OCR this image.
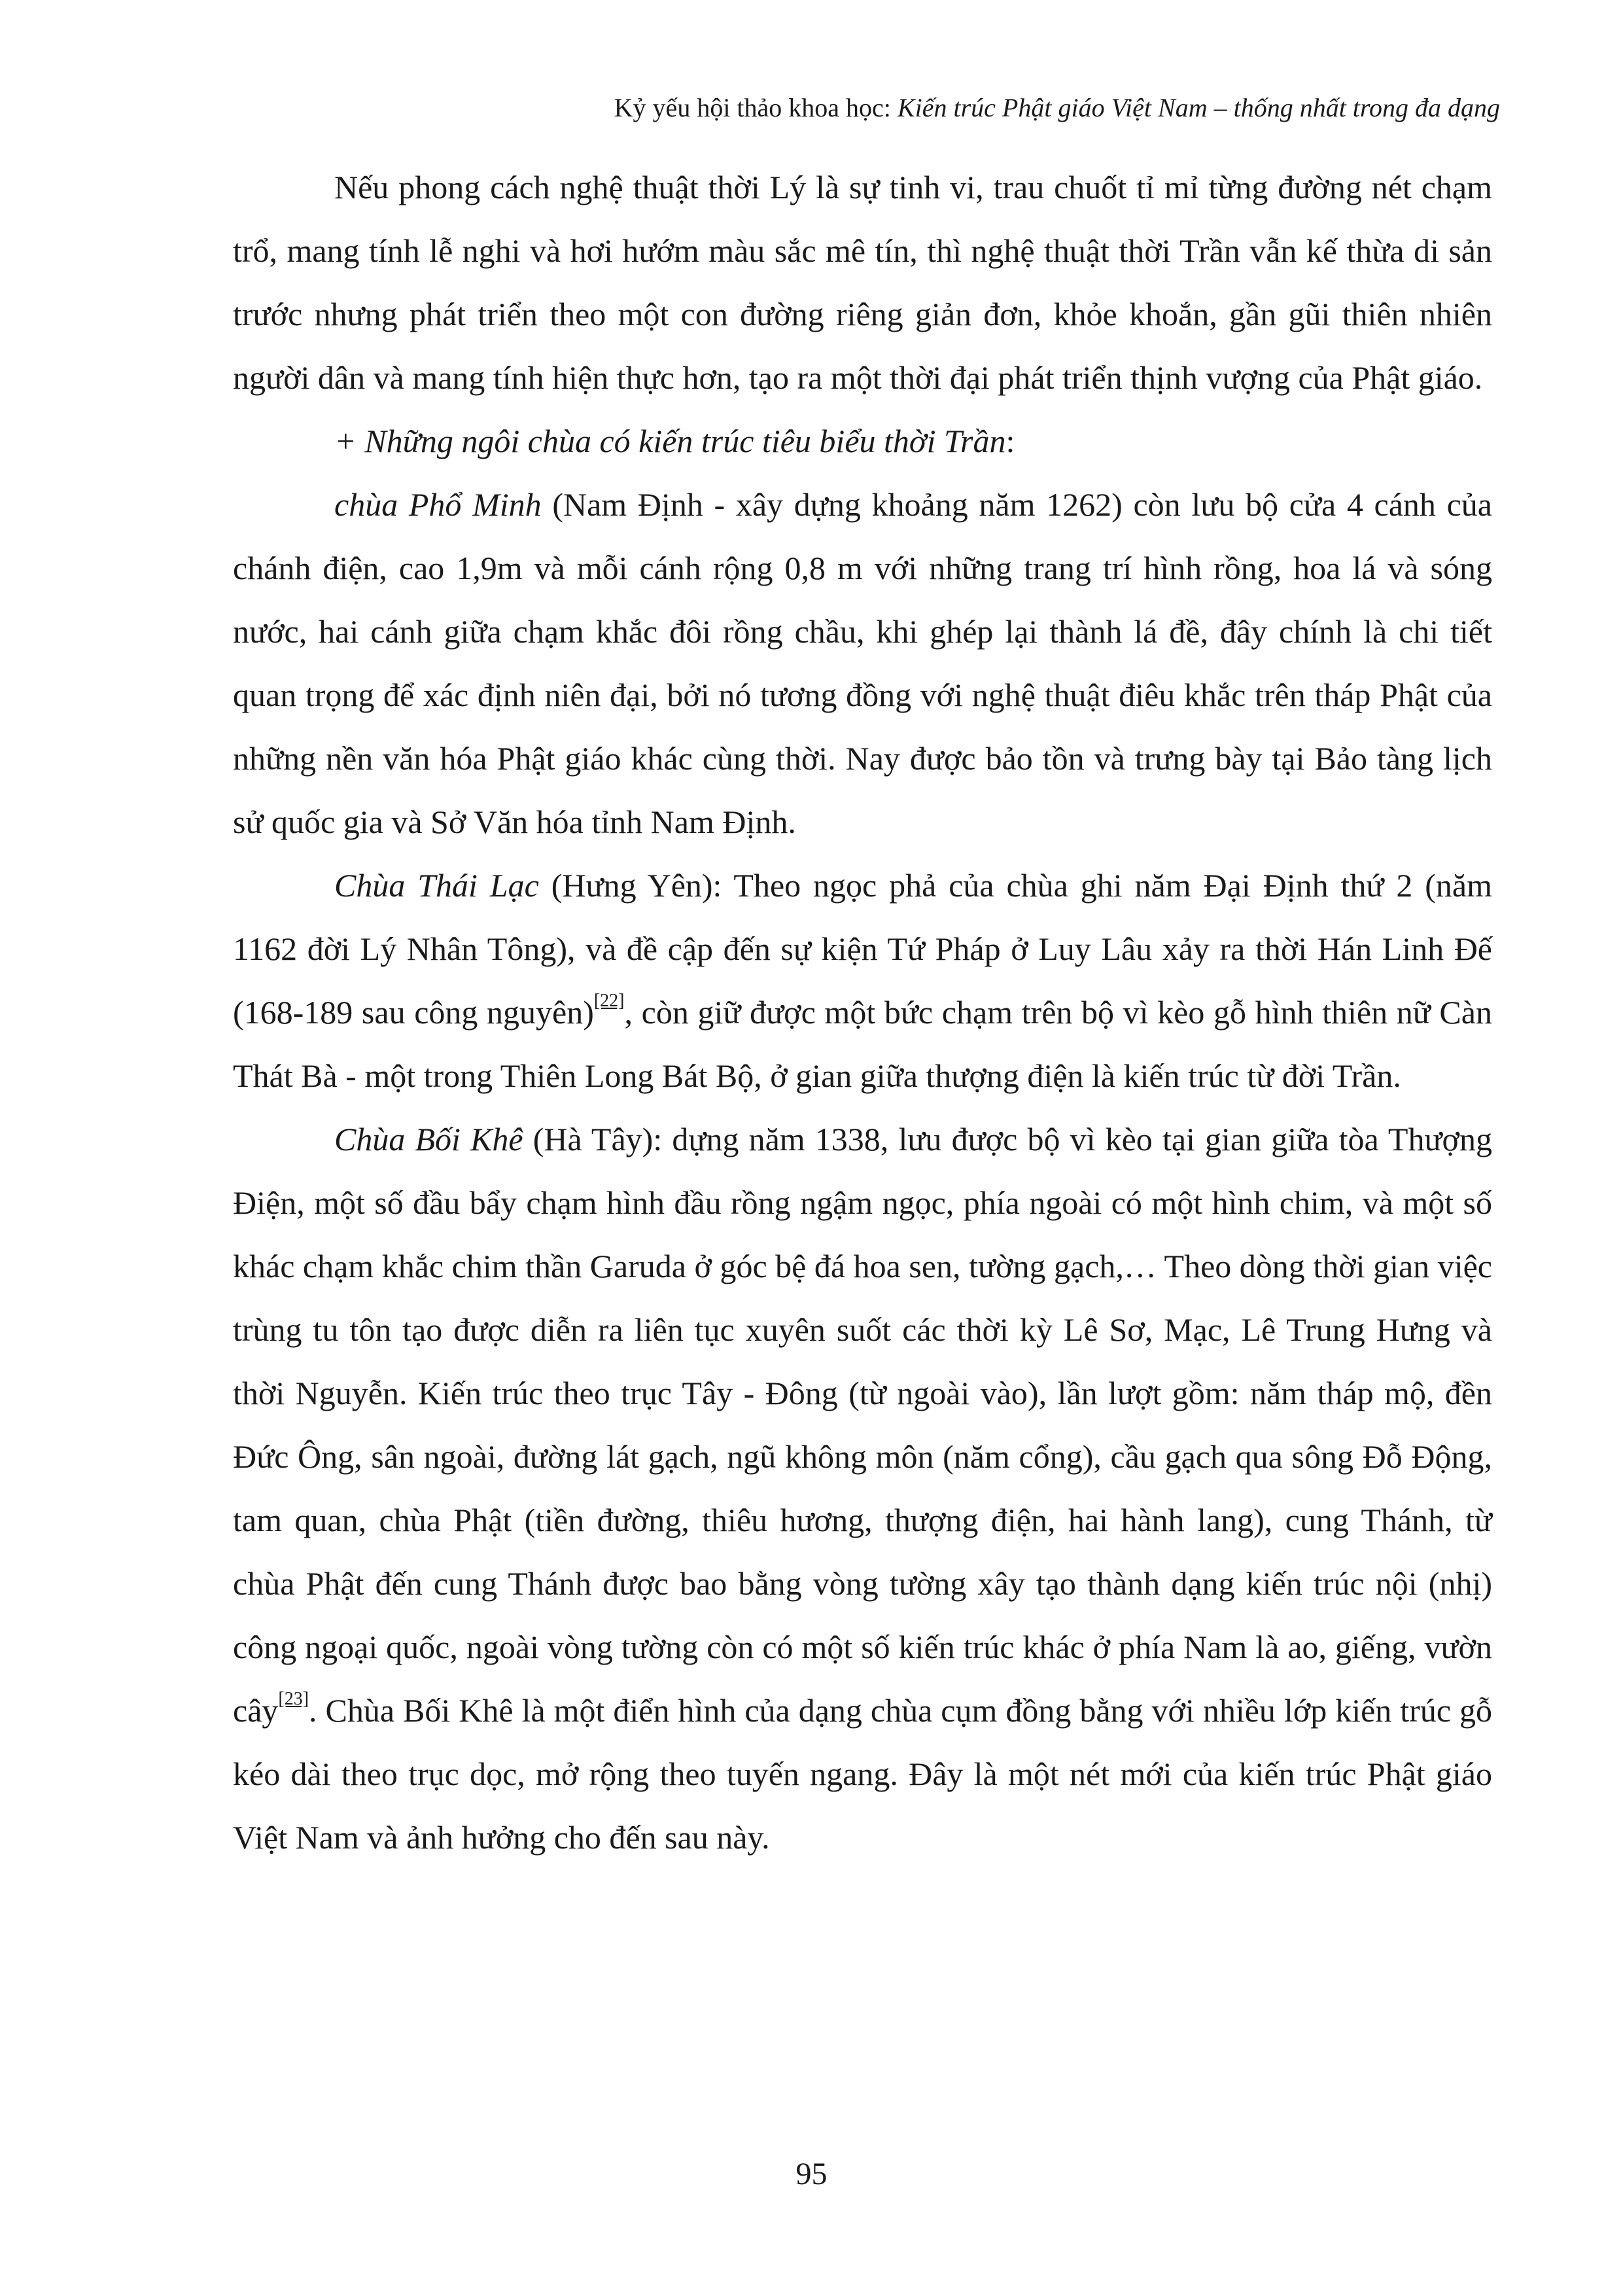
Kỷ yếu hội thảo khoa học: Kiến trúc Phật giáo Việt Nam – thống nhất trong đa dạng

Nếu phong cách nghệ thuật thời Lý là sự tinh vi, trau chuốt tỉ mỉ từng đường nét chạm trổ, mang tính lễ nghi và hơi hướm màu sắc mê tín, thì nghệ thuật thời Trần vẫn kế thừa di sản trước nhưng phát triển theo một con đường riêng giản đơn, khỏe khoắn, gần gũi thiên nhiên người dân và mang tính hiện thực hơn, tạo ra một thời đại phát triển thịnh vượng của Phật giáo.

+ Những ngôi chùa có kiến trúc tiêu biểu thời Trần:

chùa Phổ Minh (Nam Định - xây dựng khoảng năm 1262) còn lưu bộ cửa 4 cánh của chánh điện, cao 1,9m và mỗi cánh rộng 0,8 m với những trang trí hình rồng, hoa lá và sóng nước, hai cánh giữa chạm khắc đôi rồng chầu, khi ghép lại thành lá đề, đây chính là chi tiết quan trọng để xác định niên đại, bởi nó tương đồng với nghệ thuật điêu khắc trên tháp Phật của những nền văn hóa Phật giáo khác cùng thời. Nay được bảo tồn và trưng bày tại Bảo tàng lịch sử quốc gia và Sở Văn hóa tỉnh Nam Định.

Chùa Thái Lạc (Hưng Yên): Theo ngọc phả của chùa ghi năm Đại Định thứ 2 (năm 1162 đời Lý Nhân Tông), và đề cập đến sự kiện Tứ Pháp ở Luy Lâu xảy ra thời Hán Linh Đế (168-189 sau công nguyên)[22], còn giữ được một bức chạm trên bộ vì kèo gỗ hình thiên nữ Càn Thát Bà - một trong Thiên Long Bát Bộ, ở gian giữa thượng điện là kiến trúc từ đời Trần.

Chùa Bối Khê (Hà Tây): dựng năm 1338, lưu được bộ vì kèo tại gian giữa tòa Thượng Điện, một số đầu bẩy chạm hình đầu rồng ngậm ngọc, phía ngoài có một hình chim, và một số khác chạm khắc chim thần Garuda ở góc bệ đá hoa sen, tường gạch,… Theo dòng thời gian việc trùng tu tôn tạo được diễn ra liên tục xuyên suốt các thời kỳ Lê Sơ, Mạc, Lê Trung Hưng và thời Nguyễn. Kiến trúc theo trục Tây - Đông (từ ngoài vào), lần lượt gồm: năm tháp mộ, đền Đức Ông, sân ngoài, đường lát gạch, ngũ không môn (năm cổng), cầu gạch qua sông Đỗ Động, tam quan, chùa Phật (tiền đường, thiêu hương, thượng điện, hai hành lang), cung Thánh, từ chùa Phật đến cung Thánh được bao bằng vòng tường xây tạo thành dạng kiến trúc nội (nhị) công ngoại quốc, ngoài vòng tường còn có một số kiến trúc khác ở phía Nam là ao, giếng, vườn cây[23]. Chùa Bối Khê là một điển hình của dạng chùa cụm đồng bằng với nhiều lớp kiến trúc gỗ kéo dài theo trục dọc, mở rộng theo tuyến ngang. Đây là một nét mới của kiến trúc Phật giáo Việt Nam và ảnh hưởng cho đến sau này.

95
